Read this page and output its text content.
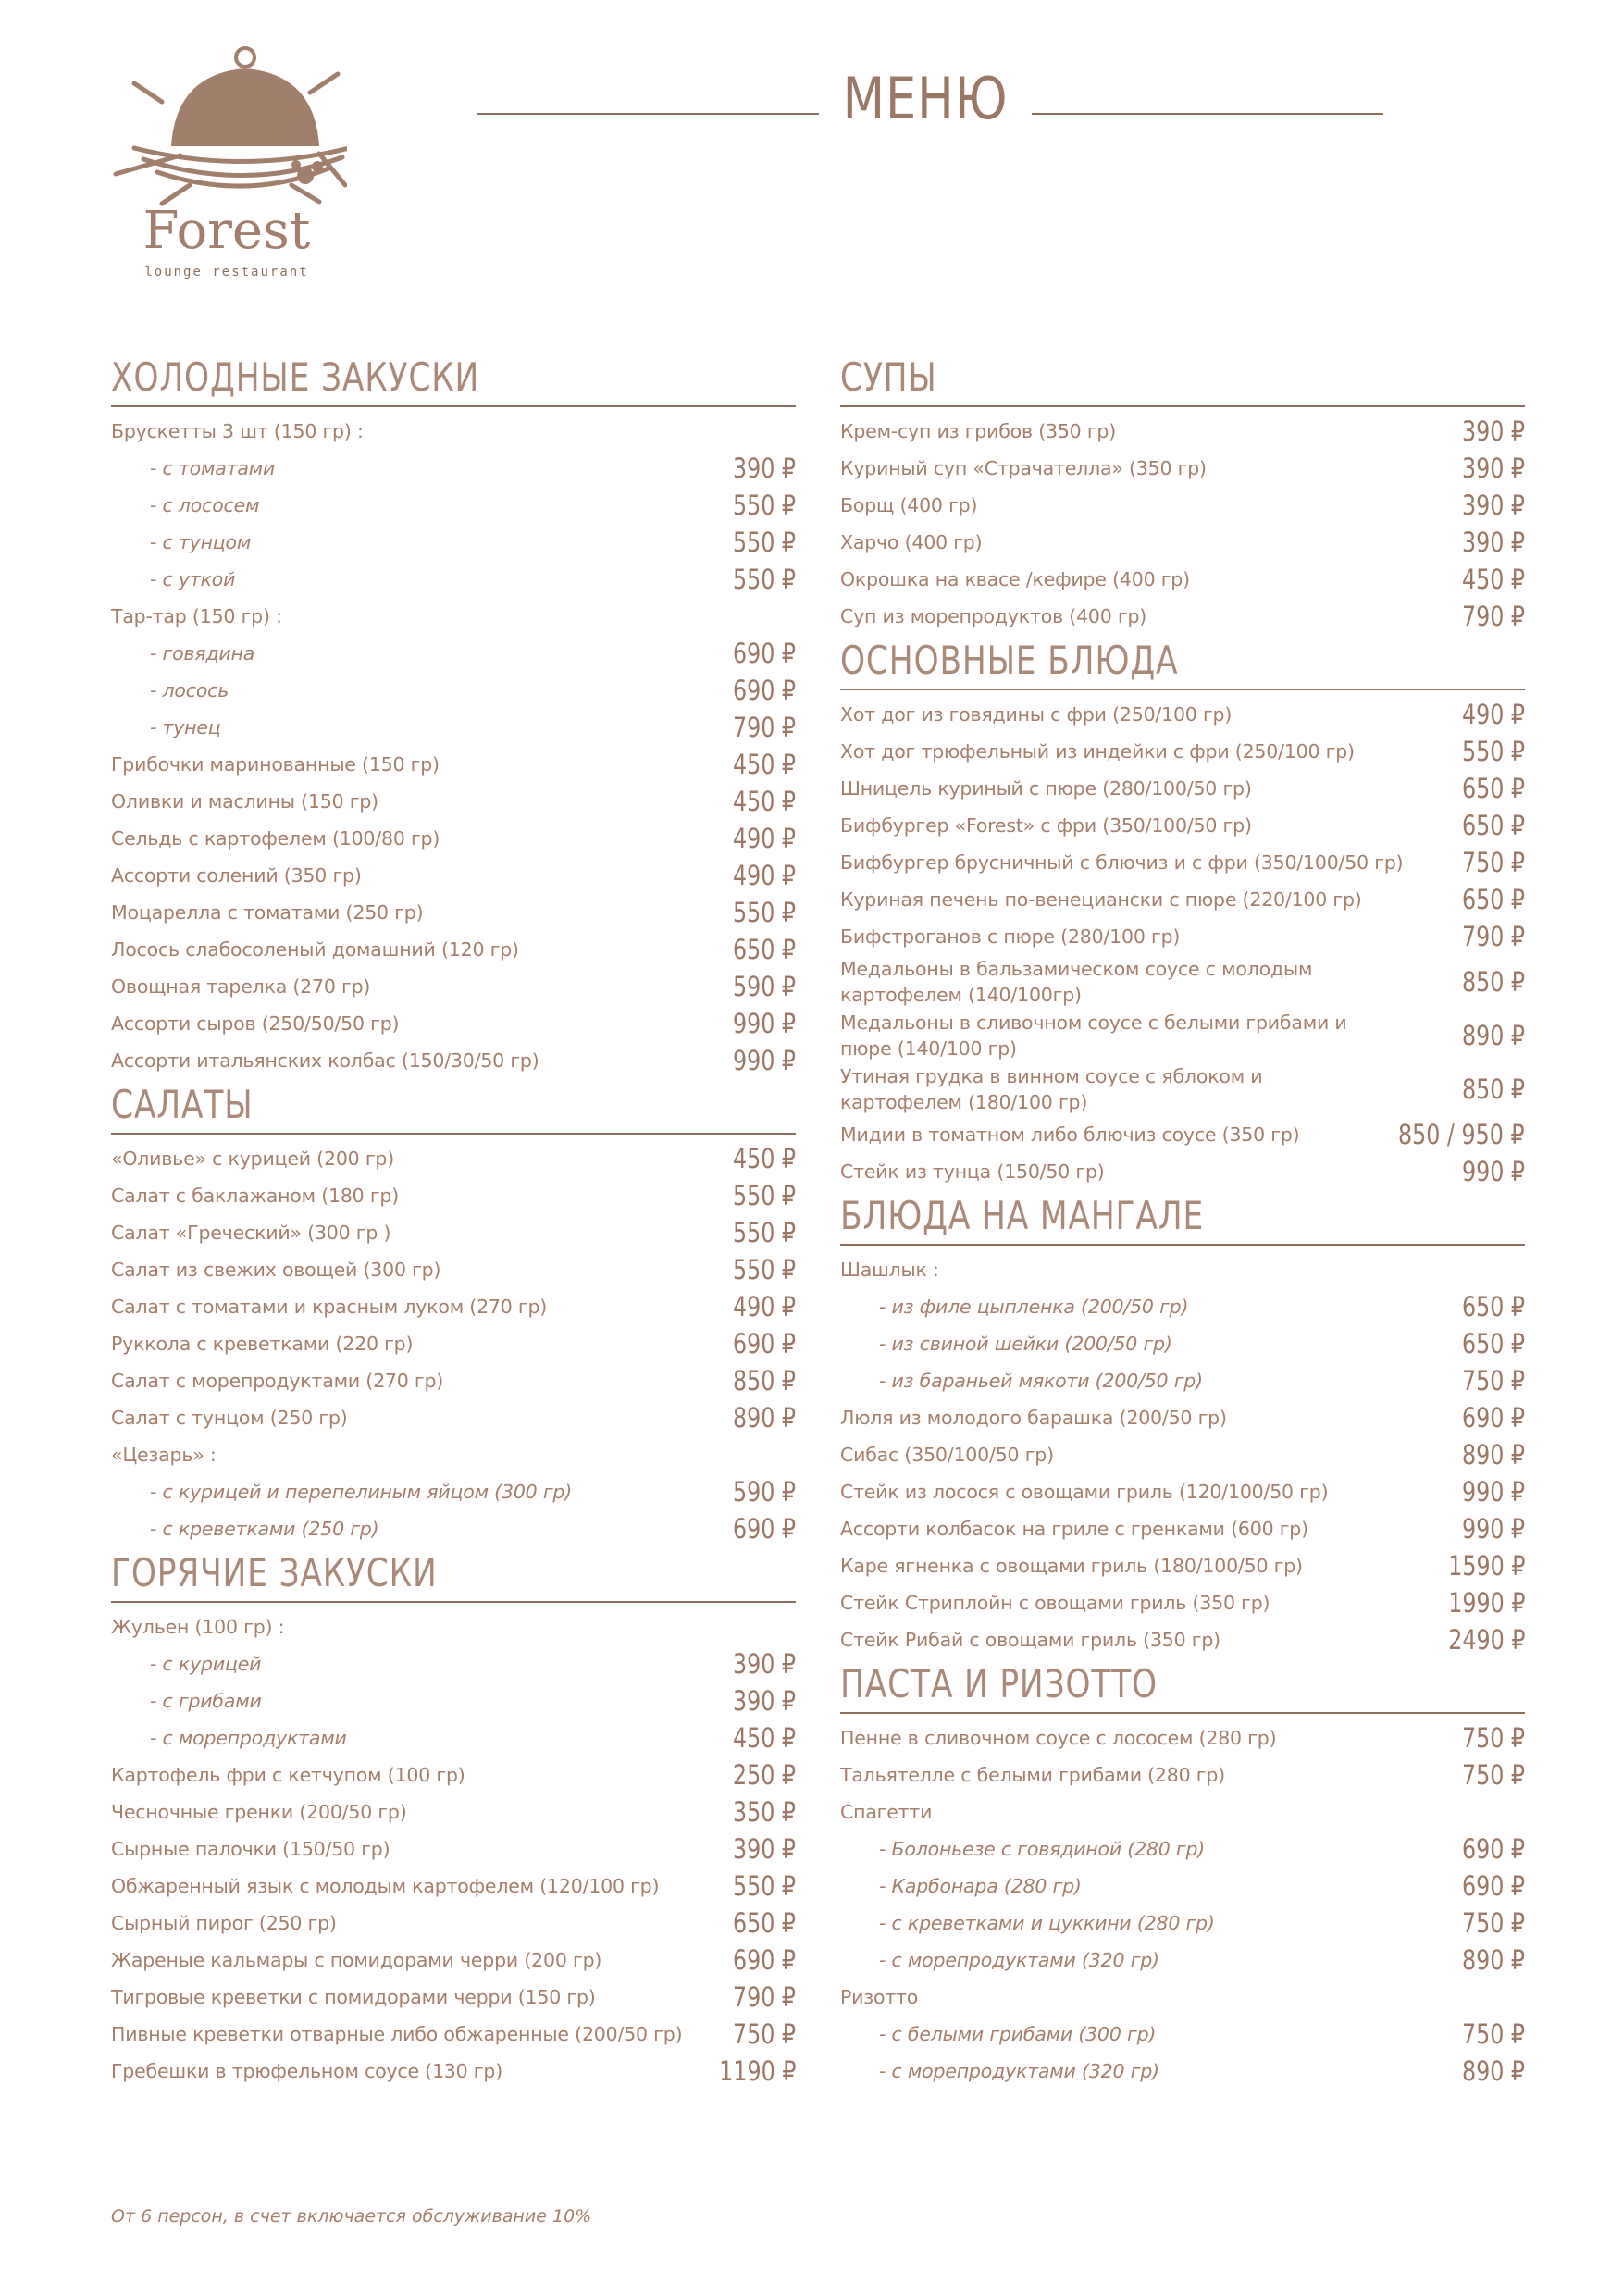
Forest
lounge restaurant
МЕНЮ
ХОЛОДНЫЕ ЗАКУСКИ
Брускетты 3 шт (150 гр) :
- с томатами	390 ₽
- с лососем	550 ₽
- с тунцом	550 ₽
- с уткой	550 ₽
Тар-тар (150 гр) :
- говядина	690 ₽
- лосось	690 ₽
- тунец	790 ₽
Грибочки маринованные (150 гр)	450 ₽
Оливки и маслины (150 гр)	450 ₽
Сельдь с картофелем (100/80 гр)	490 ₽
Ассорти солений (350 гр)	490 ₽
Моцарелла с томатами (250 гр)	550 ₽
Лосось слабосоленый домашний (120 гр)	650 ₽
Овощная тарелка (270 гр)	590 ₽
Ассорти сыров (250/50/50 гр)	990 ₽
Ассорти итальянских колбас (150/30/50 гр)	990 ₽
САЛАТЫ
«Оливье» с курицей (200 гр)	450 ₽
Салат с баклажаном (180 гр)	550 ₽
Салат «Греческий» (300 гр )	550 ₽
Салат из свежих овощей (300 гр)	550 ₽
Салат с томатами и красным луком (270 гр)	490 ₽
Руккола с креветками (220 гр)	690 ₽
Салат с морепродуктами (270 гр)	850 ₽
Салат с тунцом (250 гр)	890 ₽
«Цезарь» :
- с курицей и перепелиным яйцом (300 гр)	590 ₽
- с креветками (250 гр)	690 ₽
ГОРЯЧИЕ ЗАКУСКИ
Жульен (100 гр) :
- с курицей	390 ₽
- с грибами	390 ₽
- с морепродуктами	450 ₽
Картофель фри с кетчупом (100 гр)	250 ₽
Чесночные гренки (200/50 гр)	350 ₽
Сырные палочки (150/50 гр)	390 ₽
Обжаренный язык с молодым картофелем (120/100 гр)	550 ₽
Сырный пирог (250 гр)	650 ₽
Жареные кальмары с помидорами черри (200 гр)	690 ₽
Тигровые креветки с помидорами черри (150 гр)	790 ₽
Пивные креветки отварные либо обжаренные (200/50 гр) 750 ₽
Гребешки в трюфельном соусе (130 гр)	1190 ₽
СУПЫ
Крем-суп из грибов (350 гр)	390 ₽
Куриный суп «Страчателла» (350 гр)	390 ₽
Борщ (400 гр)	390 ₽
Харчо (400 гр)	390 ₽
Окрошка на квасе /кефире (400 гр)	450 ₽
Суп из морепродуктов (400 гр)	790 ₽
ОСНОВНЫЕ БЛЮДА
Хот дог из говядины с фри (250/100 гр)	490 ₽
Хот дог трюфельный из индейки с фри (250/100 гр)	550 ₽
Шницель куриный с пюре (280/100/50 гр)	650 ₽
Бифбургер «Forest» с фри (350/100/50 гр)	650 ₽
Бифбургер брусничный с блючиз и с фри (350/100/50 гр) 750 ₽
Куриная печень по-венециански с пюре (220/100 гр)	650 ₽
Бифстроганов с пюре (280/100 гр)	790 ₽
Медальоны в бальзамическом соусе с молодым картофелем (140/100гр)	850 ₽
Медальоны в сливочном соусе с белыми грибами и пюре (140/100 гр)	890 ₽
Утиная грудка в винном соусе с яблоком и картофелем (180/100 гр)	850 ₽
Мидии в томатном либо блючиз соусе (350 гр)	850 / 950 ₽
Стейк из тунца (150/50 гр)	990 ₽
БЛЮДА НА МАНГАЛЕ
Шашлык :
- из филе цыпленка (200/50 гр)	650 ₽
- из свиной шейки (200/50 гр)	650 ₽
- из бараньей мякоти (200/50 гр)	750 ₽
Люля из молодого барашка (200/50 гр)	690 ₽
Сибас (350/100/50 гр)	890 ₽
Стейк из лосося с овощами гриль (120/100/50 гр)	990 ₽
Ассорти колбасок на гриле с гренками (600 гр)	990 ₽
Каре ягненка с овощами гриль (180/100/50 гр)	1590 ₽
Стейк Стриплойн с овощами гриль (350 гр)	1990 ₽
Стейк Рибай с овощами гриль (350 гр)	2490 ₽
ПАСТА И РИЗОТТО
Пенне в сливочном соусе с лососем (280 гр)	750 ₽
Тальятелле с белыми грибами (280 гр)	750 ₽
Спагетти
- Болоньезе с говядиной (280 гр)	690 ₽
- Карбонара (280 гр)	690 ₽
- с креветками и цуккини (280 гр)	750 ₽
- с морепродуктами (320 гр)	890 ₽
Ризотто
- с белыми грибами (300 гр)	750 ₽
- с морепродуктами (320 гр)	890 ₽
От 6 персон, в счет включается обслуживание 10%
